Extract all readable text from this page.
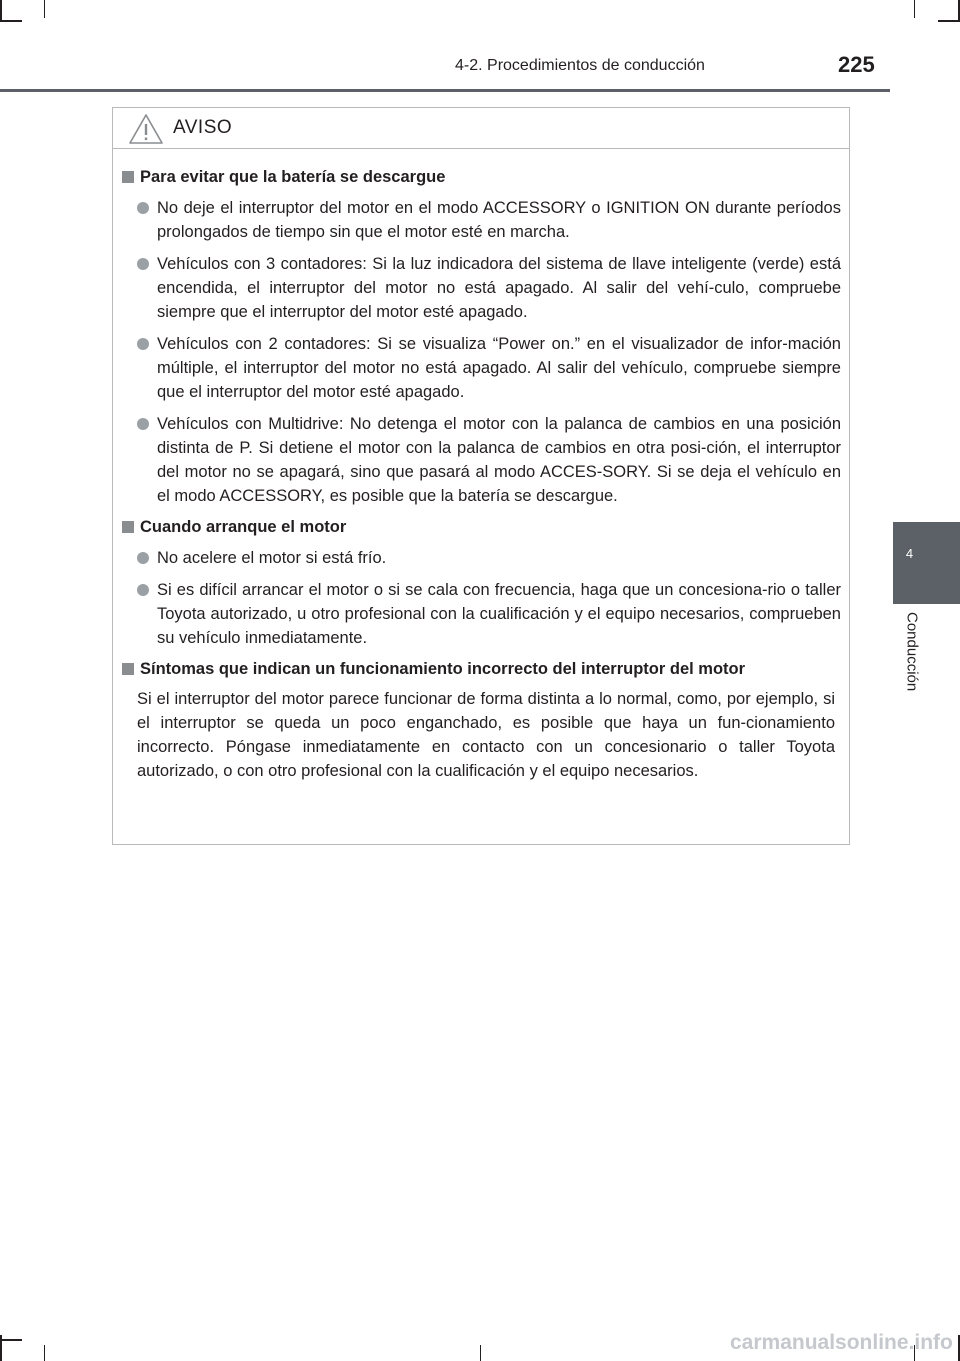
4-2. Procedimientos de conducción	225
4
Conducción
AVISO
Para evitar que la batería se descargue
No deje el interruptor del motor en el modo ACCESSORY o IGNITION ON durante períodos prolongados de tiempo sin que el motor esté en marcha.
Vehículos con 3 contadores: Si la luz indicadora del sistema de llave inteligente (verde) está encendida, el interruptor del motor no está apagado. Al salir del vehí-culo, compruebe siempre que el interruptor del motor esté apagado.
Vehículos con 2 contadores: Si se visualiza “Power on.” en el visualizador de infor-mación múltiple, el interruptor del motor no está apagado. Al salir del vehículo, compruebe siempre que el interruptor del motor esté apagado.
Vehículos con Multidrive: No detenga el motor con la palanca de cambios en una posición distinta de P. Si detiene el motor con la palanca de cambios en otra posi-ción, el interruptor del motor no se apagará, sino que pasará al modo ACCES-SORY. Si se deja el vehículo en el modo ACCESSORY, es posible que la batería se descargue.
Cuando arranque el motor
No acelere el motor si está frío.
Si es difícil arrancar el motor o si se cala con frecuencia, haga que un concesiona-rio o taller Toyota autorizado, u otro profesional con la cualificación y el equipo necesarios, comprueben su vehículo inmediatamente.
Síntomas que indican un funcionamiento incorrecto del interruptor del motor
Si el interruptor del motor parece funcionar de forma distinta a lo normal, como, por ejemplo, si el interruptor se queda un poco enganchado, es posible que haya un fun-cionamiento incorrecto. Póngase inmediatamente en contacto con un concesionario o taller Toyota autorizado, o con otro profesional con la cualificación y el equipo necesarios.
carmanualsonline.info
